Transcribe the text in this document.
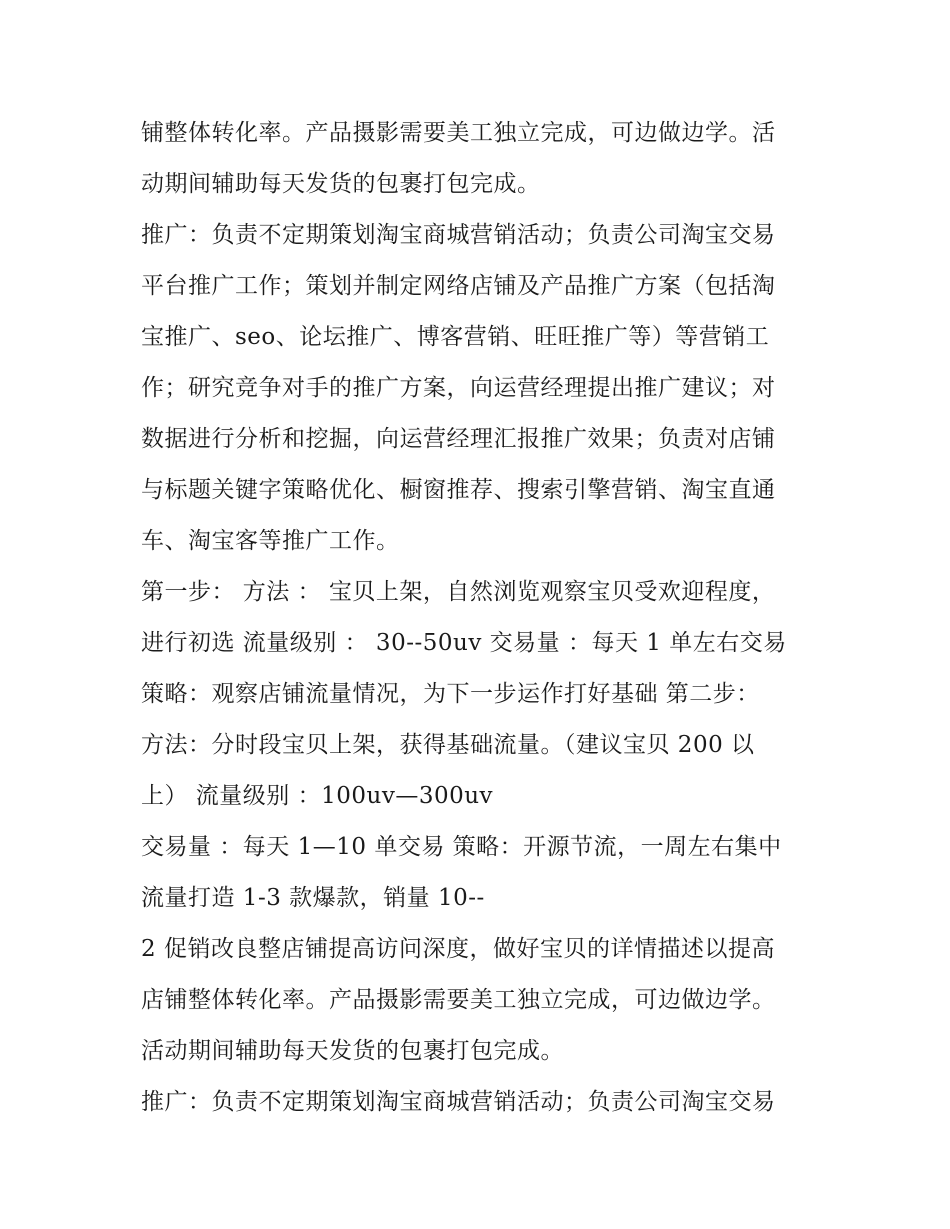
铺整体转化率。产品摄影需要美工独立完成，可边做边学。活
动期间辅助每天发货的包裹打包完成。
推广：负责不定期策划淘宝商城营销活动；负责公司淘宝交易
平台推广工作；策划并制定网络店铺及产品推广方案（包括淘
宝推广、seo、论坛推广、博客营销、旺旺推广等）等营销工
作；研究竞争对手的推广方案，向运营经理提出推广建议；对
数据进行分析和挖掘，向运营经理汇报推广效果；负责对店铺
与标题关键字策略优化、橱窗推荐、搜索引擎营销、淘宝直通
车、淘宝客等推广工作。
第一步： 方法 ： 宝贝上架，自然浏览观察宝贝受欢迎程度，
进行初选 流量级别 ： 30--50uv 交易量 ：每天 1 单左右交易
策略：观察店铺流量情况，为下一步运作打好基础 第二步：
方法：分时段宝贝上架，获得基础流量。（建议宝贝 200 以
上） 流量级别 ：100uv—300uv
交易量 ：每天 1—10 单交易 策略：开源节流，一周左右集中
流量打造 1-3 款爆款，销量 10--
2 促销改良整店铺提高访问深度，做好宝贝的详情描述以提高
店铺整体转化率。产品摄影需要美工独立完成，可边做边学。
活动期间辅助每天发货的包裹打包完成。
推广：负责不定期策划淘宝商城营销活动；负责公司淘宝交易
